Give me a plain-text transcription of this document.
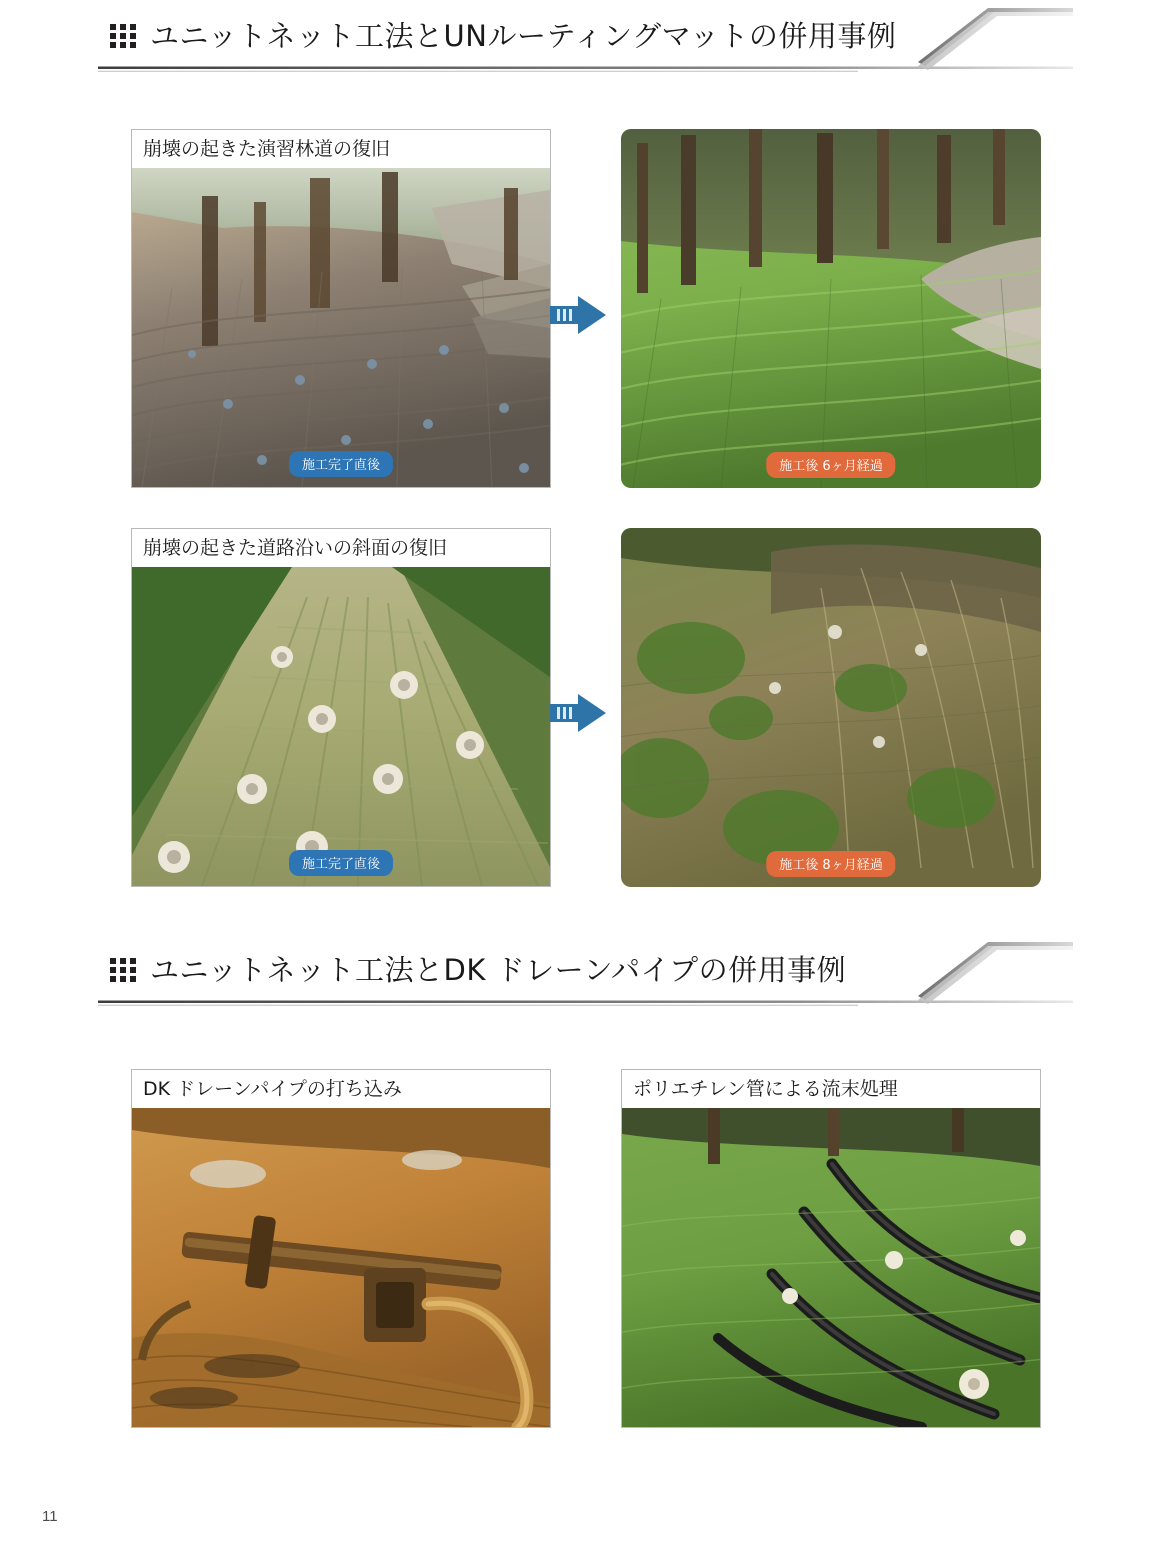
ユニットネット工法とUNルーティングマットの併用事例
崩壊の起きた演習林道の復旧
施工完了直後	施工後 6ヶ月経過
崩壊の起きた道路沿いの斜面の復旧
施工完了直後	施工後 8ヶ月経過
ユニットネット工法とDK ドレーンパイプの併用事例
DK ドレーンパイプの打ち込み	ポリエチレン管による流末処理
11
